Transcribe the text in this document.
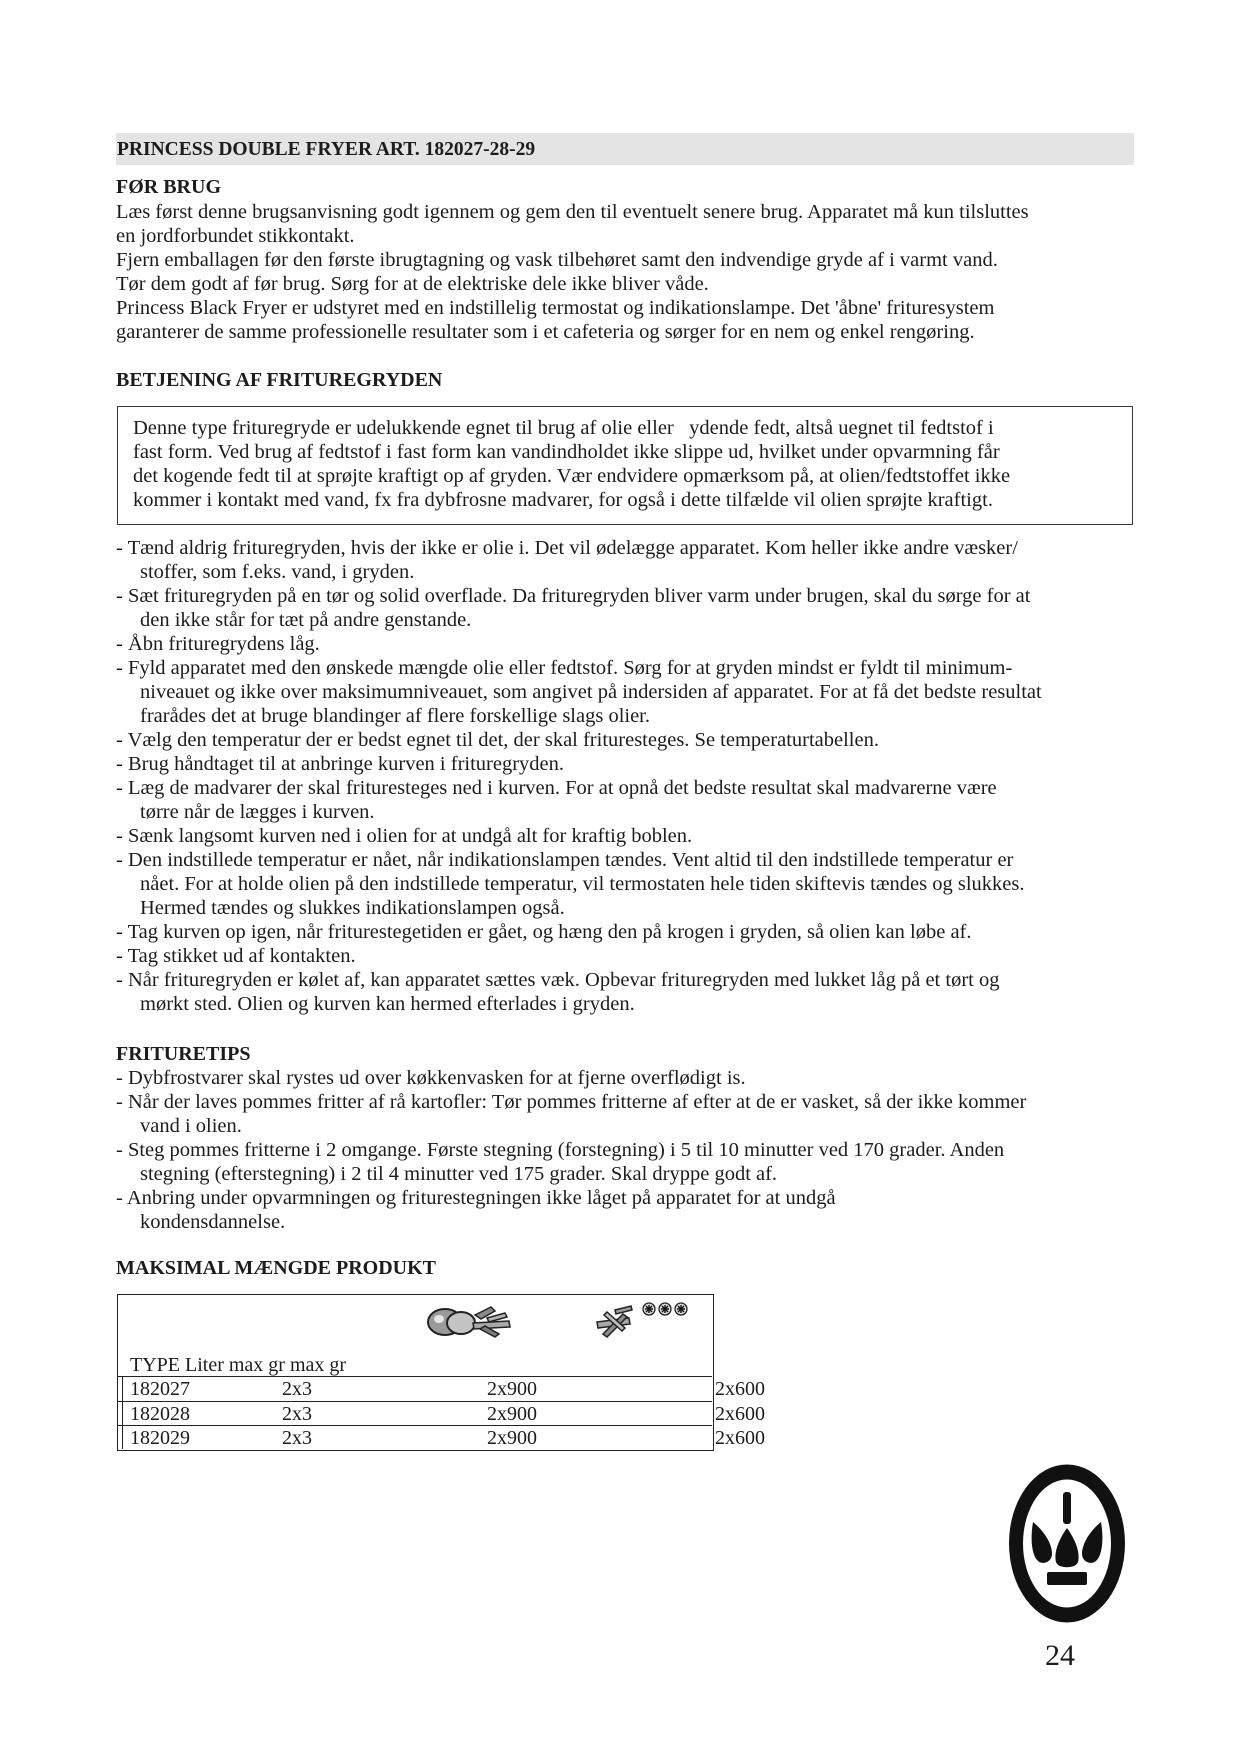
PRINCESS DOUBLE FRYER ART. 182027-28-29
FØR BRUG
Læs først denne brugsanvisning godt igennem og gem den til eventuelt senere brug. Apparatet må kun tilsluttes
en jordforbundet stikkontakt.
Fjern emballagen før den første ibrugtagning og vask tilbehøret samt den indvendige gryde af i varmt vand.
Tør dem godt af før brug. Sørg for at de elektriske dele ikke bliver våde.
Princess Black Fryer er udstyret med en indstillelig termostat og indikationslampe. Det 'åbne' frituresystem
garanterer de samme professionelle resultater som i et cafeteria og sørger for en nem og enkel rengøring.
BETJENING AF FRITUREGRYDEN
Denne type frituregryde er udelukkende egnet til brug af olie eller   ydende fedt, altså uegnet til fedtstof i
fast form. Ved brug af fedtstof i fast form kan vandindholdet ikke slippe ud, hvilket under opvarmning får
det kogende fedt til at sprøjte kraftigt op af gryden. Vær endvidere opmærksom på, at olien/fedtstoffet ikke
kommer i kontakt med vand, fx fra dybfrosne madvarer, for også i dette tilfælde vil olien sprøjte kraftigt.
- Tænd aldrig frituregryden, hvis der ikke er olie i. Det vil ødelægge apparatet. Kom heller ikke andre væsker/
stoffer, som f.eks. vand, i gryden.
- Sæt frituregryden på en tør og solid overflade. Da frituregryden bliver varm under brugen, skal du sørge for at
den ikke står for tæt på andre genstande.
- Åbn frituregrydens låg.
- Fyld apparatet med den ønskede mængde olie eller fedtstof. Sørg for at gryden mindst er fyldt til minimum-
niveauet og ikke over maksimumniveauet, som angivet på indersiden af apparatet. For at få det bedste resultat
frarådes det at bruge blandinger af flere forskellige slags olier.
- Vælg den temperatur der er bedst egnet til det, der skal frituresteges. Se temperaturtabellen.
- Brug håndtaget til at anbringe kurven i frituregryden.
- Læg de madvarer der skal frituresteges ned i kurven. For at opnå det bedste resultat skal madvarerne være
tørre når de lægges i kurven.
- Sænk langsomt kurven ned i olien for at undgå alt for kraftig boblen.
- Den indstillede temperatur er nået, når indikationslampen tændes. Vent altid til den indstillede temperatur er
nået. For at holde olien på den indstillede temperatur, vil termostaten hele tiden skiftevis tændes og slukkes.
Hermed tændes og slukkes indikationslampen også.
- Tag kurven op igen, når friturestegetiden er gået, og hæng den på krogen i gryden, så olien kan løbe af.
- Tag stikket ud af kontakten.
- Når frituregryden er kølet af, kan apparatet sættes væk. Opbevar frituregryden med lukket låg på et tørt og
mørkt sted. Olien og kurven kan hermed efterlades i gryden.
FRITURETIPS
- Dybfrostvarer skal rystes ud over køkkenvasken for at fjerne overflødigt is.
- Når der laves pommes fritter af rå kartofler: Tør pommes fritterne af efter at de er vasket, så der ikke kommer
vand i olien.
- Steg pommes fritterne i 2 omgange. Første stegning (forstegning) i 5 til 10 minutter ved 170 grader. Anden
stegning (efterstegning) i 2 til 4 minutter ved 175 grader. Skal dryppe godt af.
- Anbring under opvarmningen og friturestegningen ikke låget på apparatet for at undgå
kondensdannelse.
MAKSIMAL MÆNGDE PRODUKT
TYPE Liter max gr max gr
182027	2x3	2x900	2x600
182028	2x3	2x900	2x600
182029	2x3	2x900	2x600
24
